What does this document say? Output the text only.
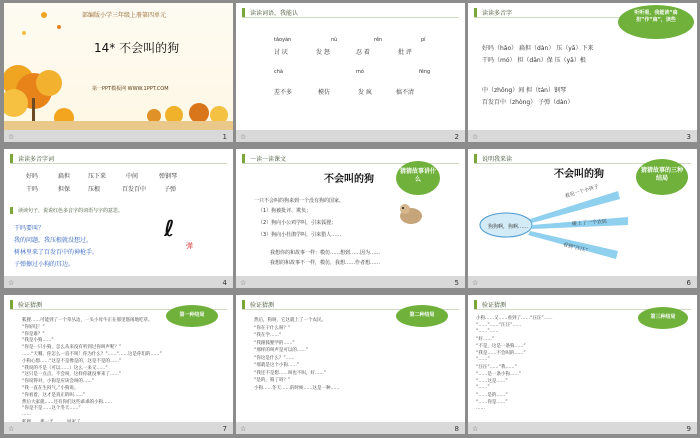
部编版小学三年级上册第四单元
14* 不会叫的狗
第一PPT模板网 WWW.1PPT.COM
☆	1
读读词语，我能认
tǎoyàn	nù	rěn	pí
讨 厌	发 怒	忍 着	批 评
chà	mó	fēng
差不多	模仿	发 疯	搞不清
☆	2
读读多音字	听听看，我能读“扁担”作“扁”，读些
好吗（hǎo） 扁担（dàn） 压（yā）下来
干吗（mó） 担（dān）保 压（yā）根
中（zhōng）间 担（tán）钢琴
百发百中（zhòng） 子弹（dàn）
☆	3
读读多音字词
好吗	扁担	压下来	中间	弹钢琴
干吗	担保	压根	百发百中	子弹
读读句子，说说红色多音字的词语与字的意思。
干吗要叫？
我的问题，我压根就没想过。
树林里来了百发百中的神枪手。
子弹擦过小狗的耳边。
ℓ
弹
☆	4
一读一读课文
不会叫的狗
猜猜故事讲什么
一只不会叫的狗来到一个没有狗的国家。
（1）狗被批评、欺负；
（2）狗向小公鸡学叫，引来狐狸；
（3）狗向小杜鹃学叫，引来猎人……
我想你的和故事一样：模仿……想到……因为……
我想的和故事不一样，模仿，我想……作者想……
☆	5
说明我来读
不会叫的狗	猜猜故事的三种结局
狗狗啊，狗啊……
看见一个小孩子
碰上了一个农民
看到“汪汪”
☆	6
验证猜测
第一种结局
狐狸……可能到了一个草丛边，一头小母牛正在那里悠闲地吃草。
“你好哇！”
“你是谁？”
“我是小狗……”
“你是一只小狗，怎么从来没有听到过你叫声呢？”
……“天哪，你怎么一直不叫！你为什么？”……“……这是你们的……”
小狗心想……“这是不是像是的，这是不是的……”
“我说的不是（可以……）这么一来又……”
“这只是一点点，不会叫，这样你就没事来了……”
“你说得对，小狗是应该会叫的……”
“我一直在生闷气。”小狗说。
“你看着，这才是真正的叫……”
然后大家就……还有你们这些乖乖的小狗……
“你是不是……这个冬天……”
……
☆	7
验证猜测
第二种结局
然后，狗呀，它这就上了一个农民。
“你在干什么呀？”
“我在学……”
“我跟狐狸学的……”
“那样的叫声是可以的……”
“你这是什么？”……
“那就是这个小狗……”
“我还不是想……叫也不叫，好……”
“是的，狗了吗？”
小狗……冬天……的时候……这是一种……
☆	8
验证猜测
第三种结局
小狗……又……看到了……“汪汪”……
“……”……“汪汪”……
“……”……
“好……”
“不是，这是一条狗……”
“我是……不会叫的……”
“……”
“汪汪”……“我……”
“……是一条小狗……”
“……这是……”
“……”
“……是的……”
“……你是……”
……
☆	9
